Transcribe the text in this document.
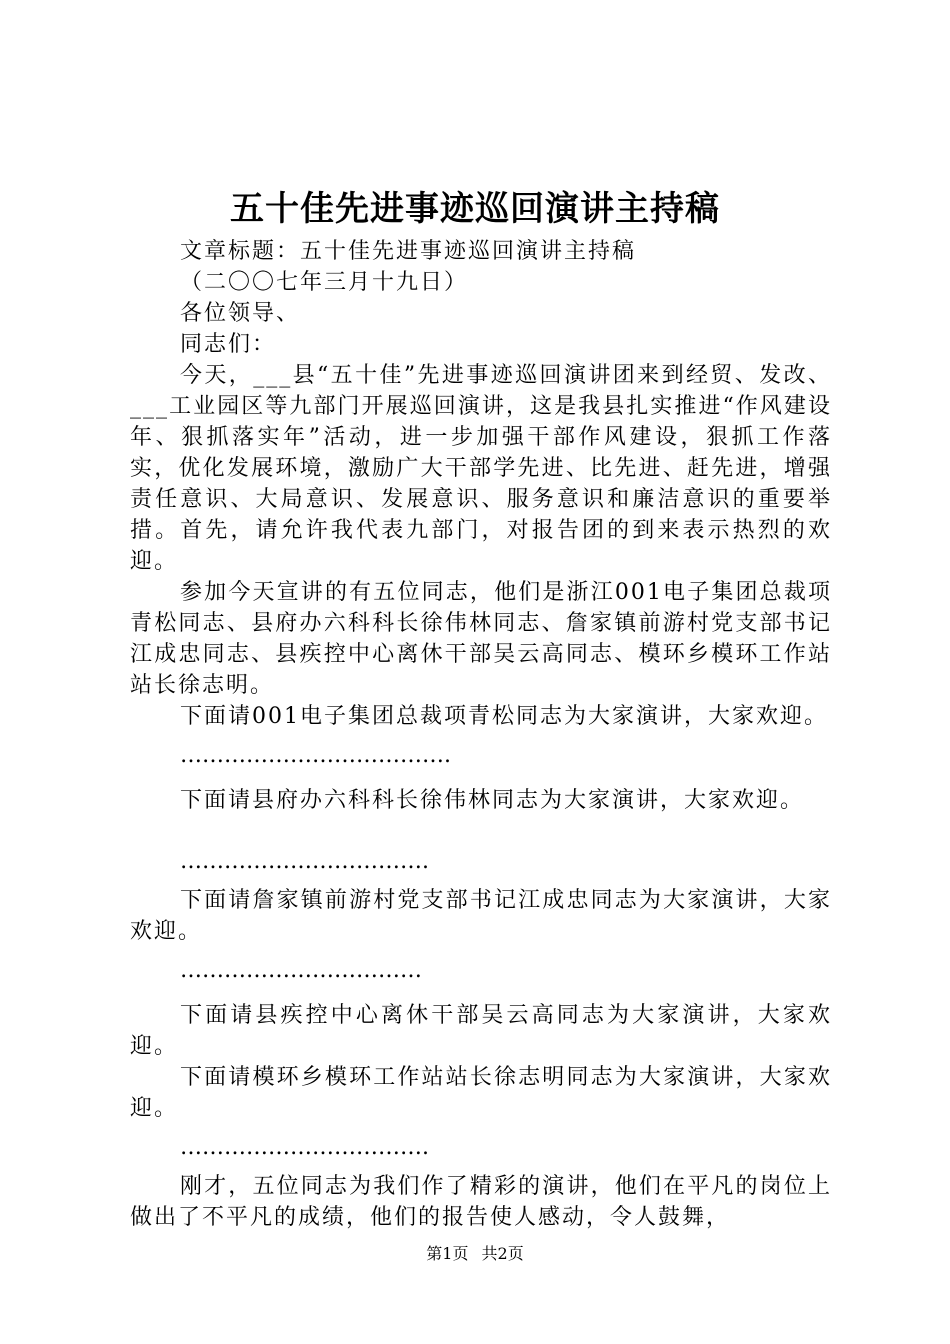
五十佳先进事迹巡回演讲主持稿

文章标题：五十佳先进事迹巡回演讲主持稿

（二〇〇七年三月十九日）

各位领导、

同志们：

今天，___县“五十佳”先进事迹巡回演讲团来到经贸、发改、___工业园区等九部门开展巡回演讲，这是我县扎实推进“作风建设年、狠抓落实年”活动，进一步加强干部作风建设，狠抓工作落实，优化发展环境，激励广大干部学先进、比先进、赶先进，增强责任意识、大局意识、发展意识、服务意识和廉洁意识的重要举措。首先，请允许我代表九部门，对报告团的到来表示热烈的欢迎。

参加今天宣讲的有五位同志，他们是浙江001电子集团总裁项青松同志、县府办六科科长徐伟林同志、詹家镇前游村党支部书记江成忠同志、县疾控中心离休干部吴云高同志、模环乡模环工作站站长徐志明。

下面请001电子集团总裁项青松同志为大家演讲，大家欢迎。

……………………………….

下面请县府办六科科长徐伟林同志为大家演讲，大家欢迎。

…………………………….

下面请詹家镇前游村党支部书记江成忠同志为大家演讲，大家欢迎。

……………………………

下面请县疾控中心离休干部吴云高同志为大家演讲，大家欢迎。

下面请模环乡模环工作站站长徐志明同志为大家演讲，大家欢迎。

…………………………….

刚才，五位同志为我们作了精彩的演讲，他们在平凡的岗位上做出了不平凡的成绩，他们的报告使人感动，令人鼓舞，

第1页 共2页
